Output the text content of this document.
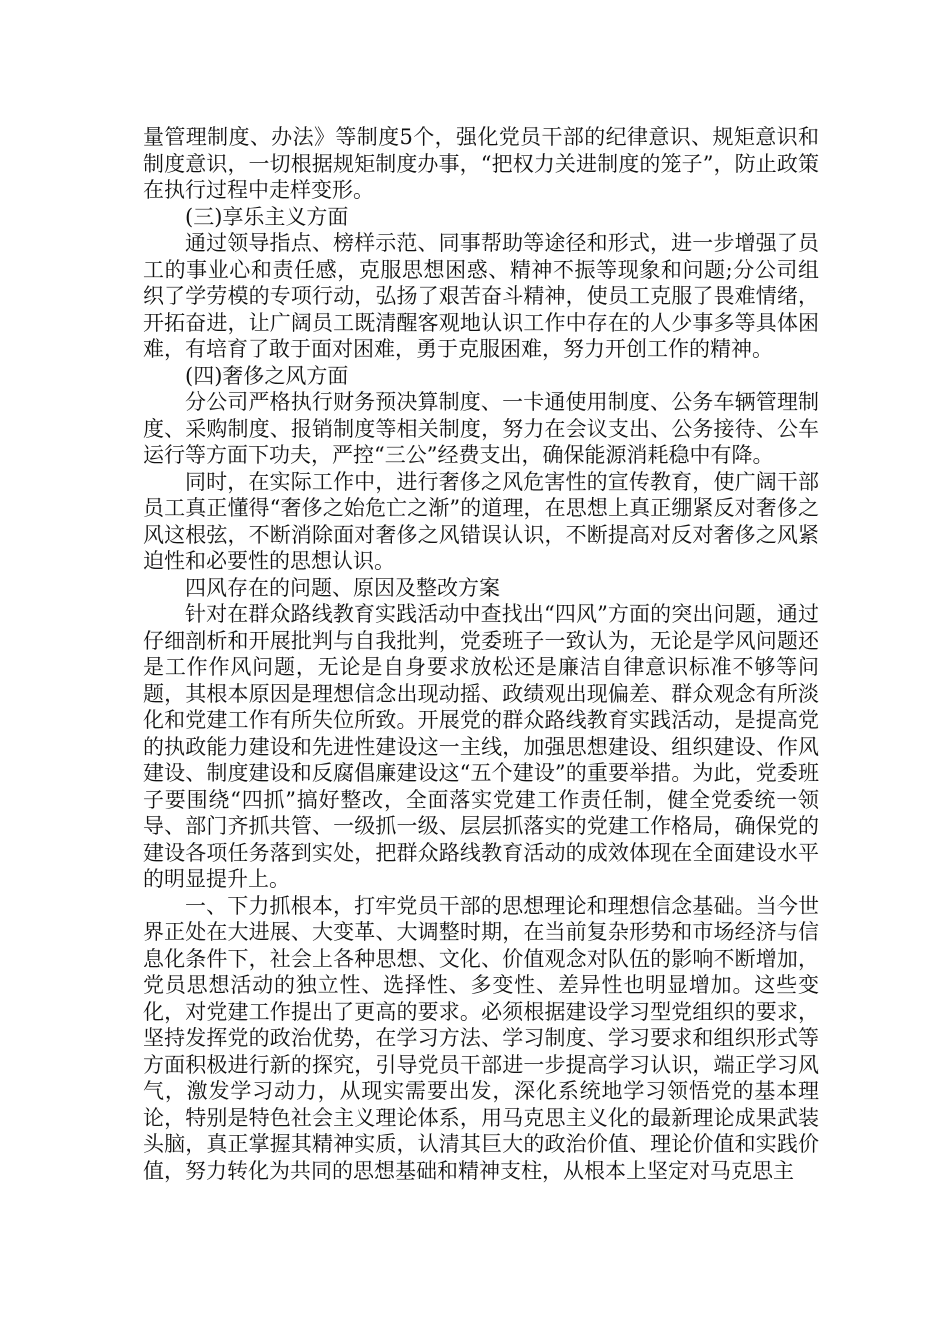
量管理制度、办法》等制度5个，强化党员干部的纪律意识、规矩意识和制度意识，一切根据规矩制度办事，“把权力关进制度的笼子”，防止政策在执行过程中走样变形。

(三)享乐主义方面

通过领导指点、榜样示范、同事帮助等途径和形式，进一步增强了员工的事业心和责任感，克服思想困惑、精神不振等现象和问题;分公司组织了学劳模的专项行动，弘扬了艰苦奋斗精神，使员工克服了畏难情绪，开拓奋进，让广阔员工既清醒客观地认识工作中存在的人少事多等具体困难，有培育了敢于面对困难，勇于克服困难，努力开创工作的精神。

(四)奢侈之风方面

分公司严格执行财务预决算制度、一卡通使用制度、公务车辆管理制度、采购制度、报销制度等相关制度，努力在会议支出、公务接待、公车运行等方面下功夫，严控“三公”经费支出，确保能源消耗稳中有降。

同时，在实际工作中，进行奢侈之风危害性的宣传教育，使广阔干部员工真正懂得“奢侈之始危亡之渐”的道理，在思想上真正绷紧反对奢侈之风这根弦，不断消除面对奢侈之风错误认识，不断提高对反对奢侈之风紧迫性和必要性的思想认识。

四风存在的问题、原因及整改方案

针对在群众路线教育实践活动中查找出“四风”方面的突出问题，通过仔细剖析和开展批判与自我批判，党委班子一致认为，无论是学风问题还是工作作风问题，无论是自身要求放松还是廉洁自律意识标准不够等问题，其根本原因是理想信念出现动摇、政绩观出现偏差、群众观念有所淡化和党建工作有所失位所致。开展党的群众路线教育实践活动，是提高党的执政能力建设和先进性建设这一主线，加强思想建设、组织建设、作风建设、制度建设和反腐倡廉建设这“五个建设”的重要举措。为此，党委班子要围绕“四抓”搞好整改，全面落实党建工作责任制，健全党委统一领导、部门齐抓共管、一级抓一级、层层抓落实的党建工作格局，确保党的建设各项任务落到实处，把群众路线教育活动的成效体现在全面建设水平的明显提升上。

一、下力抓根本，打牢党员干部的思想理论和理想信念基础。当今世界正处在大进展、大变革、大调整时期，在当前复杂形势和市场经济与信息化条件下，社会上各种思想、文化、价值观念对队伍的影响不断增加，党员思想活动的独立性、选择性、多变性、差异性也明显增加。这些变化，对党建工作提出了更高的要求。必须根据建设学习型党组织的要求，坚持发挥党的政治优势，在学习方法、学习制度、学习要求和组织形式等方面积极进行新的探究，引导党员干部进一步提高学习认识，端正学习风气，激发学习动力，从现实需要出发，深化系统地学习领悟党的基本理论，特别是特色社会主义理论体系，用马克思主义化的最新理论成果武装头脑，真正掌握其精神实质，认清其巨大的政治价值、理论价值和实践价值，努力转化为共同的思想基础和精神支柱，从根本上坚定对马克思主
